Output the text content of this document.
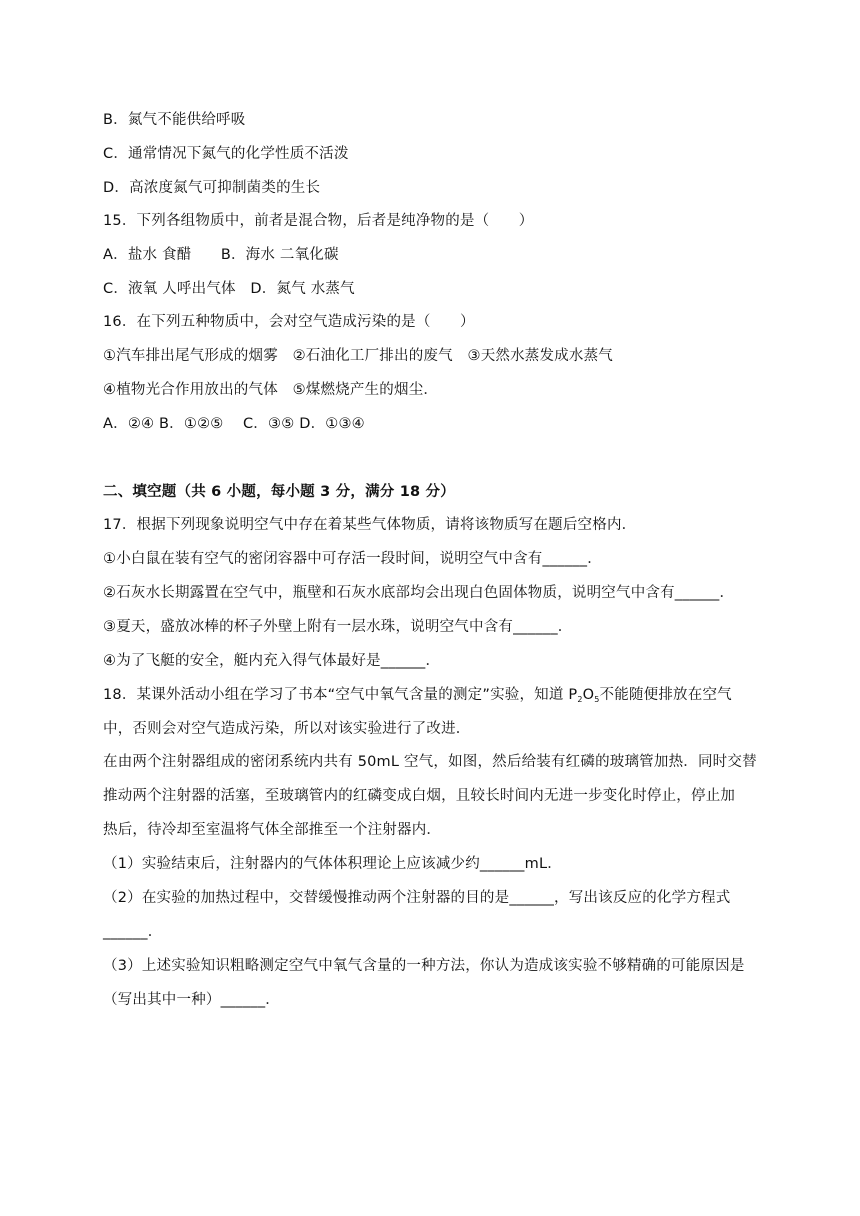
B．氮气不能供给呼吸
C．通常情况下氮气的化学性质不活泼
D．高浓度氮气可抑制菌类的生长
15．下列各组物质中，前者是混合物，后者是纯净物的是（　　）
A．盐水 食醋　　B．海水 二氧化碳
C．液氧 人呼出气体　D．氮气 水蒸气
16．在下列五种物质中，会对空气造成污染的是（　　）
①汽车排出尾气形成的烟雾　②石油化工厂排出的废气　③天然水蒸发成水蒸气
④植物光合作用放出的气体　⑤煤燃烧产生的烟尘．
A．②④ B．①②⑤　 C．③⑤ D．①③④
二、填空题（共 6 小题，每小题 3 分，满分 18 分）
17．根据下列现象说明空气中存在着某些气体物质，请将该物质写在题后空格内．
①小白鼠在装有空气的密闭容器中可存活一段时间，说明空气中含有______．
②石灰水长期露置在空气中，瓶壁和石灰水底部均会出现白色固体物质，说明空气中含有______．
③夏天，盛放冰棒的杯子外壁上附有一层水珠，说明空气中含有______．
④为了飞艇的安全，艇内充入得气体最好是______．
18．某课外活动小组在学习了书本“空气中氧气含量的测定”实验，知道 $P_2O_5$不能随便排放在空气
中，否则会对空气造成污染，所以对该实验进行了改进．
在由两个注射器组成的密闭系统内共有 50mL 空气，如图，然后给装有红磷的玻璃管加热．同时交替
推动两个注射器的活塞，至玻璃管内的红磷变成白烟，且较长时间内无进一步变化时停止，停止加
热后，待冷却至室温将气体全部推至一个注射器内．
（1）实验结束后，注射器内的气体体积理论上应该减少约______mL．
（2）在实验的加热过程中，交替缓慢推动两个注射器的目的是______，写出该反应的化学方程式
______．
（3）上述实验知识粗略测定空气中氧气含量的一种方法，你认为造成该实验不够精确的可能原因是
（写出其中一种）______．
